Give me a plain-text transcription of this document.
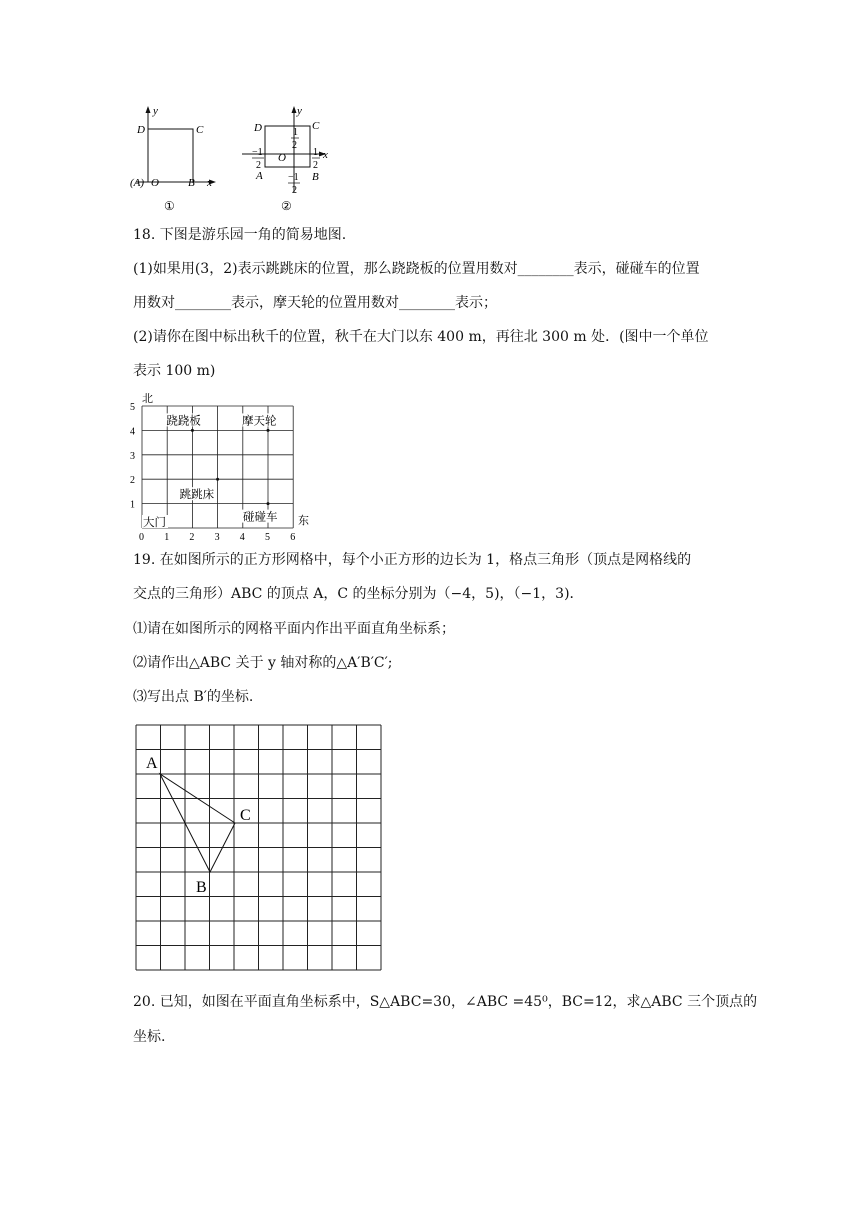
y
D	C
(A) O	B x
①
y
D	C
1
2
−1
2
O	1
2
x
A	B
−1
2
②
18. 下图是游乐园一角的简易地图.
(1)如果用(3，2)表示跳跳床的位置，那么跷跷板的位置用数对________表示，碰碰车的位置
用数对________表示，摩天轮的位置用数对________表示；
(2)请你在图中标出秋千的位置，秋千在大门以东 400 m，再往北 300 m 处．(图中一个单位
表示 100 m)
0 1 2 3 4 5 6
1
2
3
4
5
跷跷板	摩天轮
跳跳床
碰碰车
大门
北
东
19. 在如图所示的正方形网格中，每个小正方形的边长为 1，格点三角形（顶点是网格线的
交点的三角形）ABC 的顶点 A，C 的坐标分别为（−4，5)，（−1，3)．
⑴请在如图所示的网格平面内作出平面直角坐标系；
⑵请作出△ABC 关于 y 轴对称的△A′B′C′;
⑶写出点 B′的坐标.
A
C
B
20. 已知，如图在平面直角坐标系中，S△ABC=30，∠ABC =45⁰，BC=12，求△ABC 三个顶点的
坐标.
